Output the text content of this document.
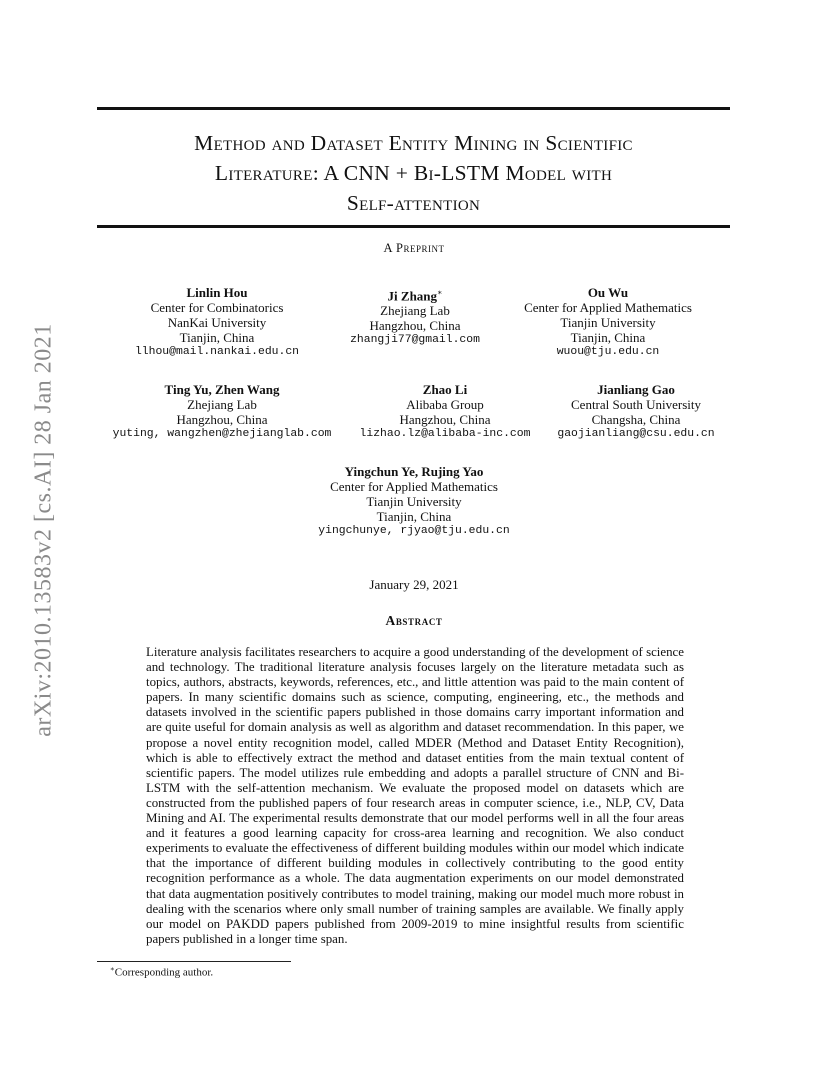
arXiv:2010.13583v2 [cs.AI] 28 Jan 2021
Method and Dataset Entity Mining in Scientific
Literature: A CNN + Bi-LSTM Model with
Self-attention
A Preprint
Linlin Hou
Center for Combinatorics
NanKai University
Tianjin, China
llhou@mail.nankai.edu.cn
Ji Zhang∗
Zhejiang Lab
Hangzhou, China
zhangji77@gmail.com
Ou Wu
Center for Applied Mathematics
Tianjin University
Tianjin, China
wuou@tju.edu.cn
Ting Yu, Zhen Wang
Zhejiang Lab
Hangzhou, China
yuting, wangzhen@zhejianglab.com
Zhao Li
Alibaba Group
Hangzhou, China
lizhao.lz@alibaba-inc.com
Jianliang Gao
Central South University
Changsha, China
gaojianliang@csu.edu.cn
Yingchun Ye, Rujing Yao
Center for Applied Mathematics
Tianjin University
Tianjin, China
yingchunye, rjyao@tju.edu.cn
January 29, 2021
Abstract
Literature analysis facilitates researchers to acquire a good understanding of the development of science and technology. The traditional literature analysis focuses largely on the literature metadata such as topics, authors, abstracts, keywords, references, etc., and little attention was paid to the main content of papers. In many scientific domains such as science, computing, engineering, etc., the methods and datasets involved in the scientific papers published in those domains carry important information and are quite useful for domain analysis as well as algorithm and dataset recommendation. In this paper, we propose a novel entity recognition model, called MDER (Method and Dataset Entity Recognition), which is able to effectively extract the method and dataset entities from the main textual content of scientific papers. The model utilizes rule embedding and adopts a parallel structure of CNN and Bi-LSTM with the self-attention mechanism. We evaluate the proposed model on datasets which are constructed from the published papers of four research areas in computer science, i.e., NLP, CV, Data Mining and AI. The experimental results demonstrate that our model performs well in all the four areas and it features a good learning capacity for cross-area learning and recognition. We also conduct experiments to evaluate the effectiveness of different building modules within our model which indicate that the importance of different building modules in collectively contributing to the good entity recognition performance as a whole. The data augmentation experiments on our model demonstrated that data augmentation positively contributes to model training, making our model much more robust in dealing with the scenarios where only small number of training samples are available. We finally apply our model on PAKDD papers published from 2009-2019 to mine insightful results from scientific papers published in a longer time span.
∗Corresponding author.
